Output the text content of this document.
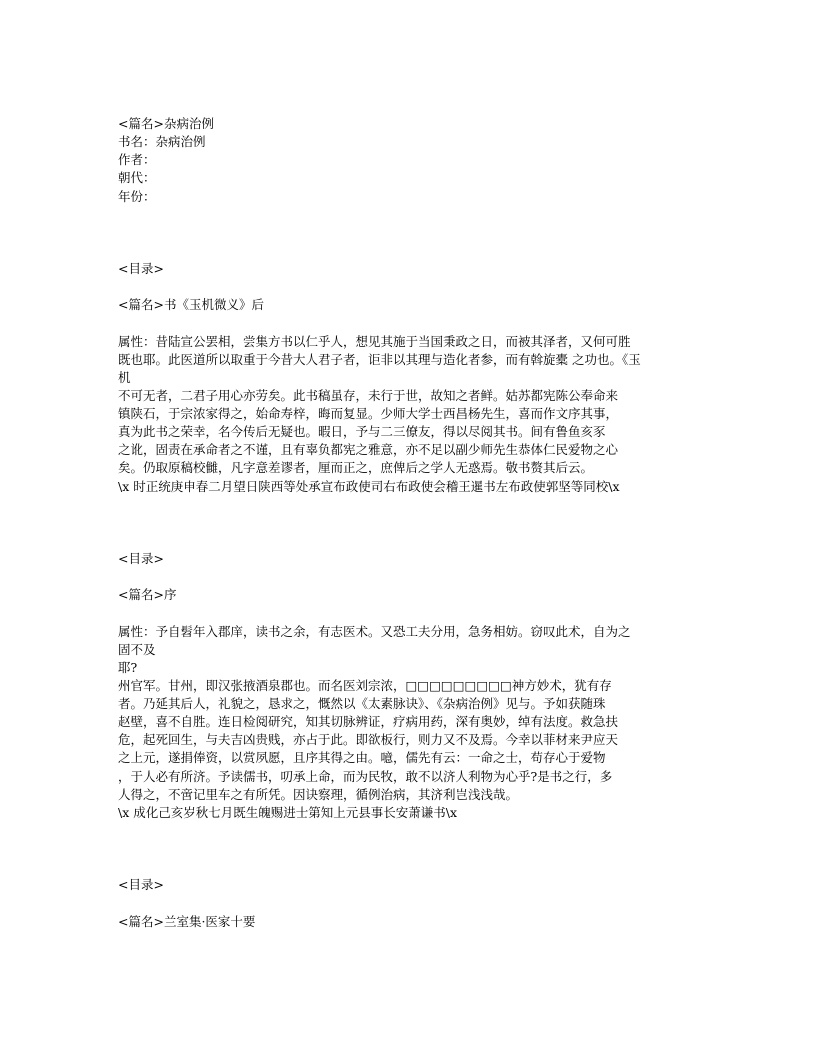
<篇名>杂病治例
书名：杂病治例
作者：
朝代：
年份：
<目录>
<篇名>书《玉机微义》后
属性：昔陆宣公罢相，尝集方书以仁乎人，想见其施于当国秉政之日，而被其泽者，又何可胜
既也耶。此医道所以取重于今昔大人君子者，讵非以其理与造化者参，而有斡旋橐 之功也。《玉
机
不可无者，二君子用心亦劳矣。此书稿虽存，未行于世，故知之者鲜。姑苏都宪陈公奉命来
镇陕石，于宗浓家得之，始命寿梓，晦而复显。少师大学士西昌杨先生，喜而作文序其事，
真为此书之荣幸，名今传后无疑也。暇日，予与二三僚友，得以尽阅其书。间有鲁鱼亥豕
之讹，固责在承命者之不谨，且有辜负都宪之雅意，亦不足以副少师先生恭体仁民爱物之心
矣。仍取原稿校雠，凡字意差谬者，厘而正之，庶俾后之学人无惑焉。敬书赘其后云。
\x 时正统庚申春二月望日陕西等处承宣布政使司右布政使会稽王暹书左布政使郭坚等同校\x
<目录>
<篇名>序
属性：予自髫年入郡庠，读书之余，有志医术。又恐工夫分用，急务相妨。窃叹此术，自为之
固不及
耶?
州官军。甘州，即汉张掖酒泉郡也。而名医刘宗浓，□□□□□□□□□神方妙术，犹有存
者。乃延其后人，礼貌之，恳求之，慨然以《太素脉诀》、《杂病治例》见与。予如获随珠
赵壁，喜不自胜。连日检阅研究，知其切脉辨证，疗病用药，深有奥妙，绰有法度。救急扶
危，起死回生，与夫吉凶贵贱，亦占于此。即欲板行，则力又不及焉。今幸以菲材来尹应天
之上元，遂捐俸资，以赏夙愿，且序其得之由。噫，儒先有云：一命之士，苟存心于爱物
，于人必有所济。予读儒书，叨承上命，而为民牧，敢不以济人利物为心乎?是书之行，多
人得之，不啻记里车之有所凭。因诀察理，循例治病，其济利岂浅浅哉。
\x 成化己亥岁秋七月既生魄赐进士第知上元县事长安萧谦书\x
<目录>
<篇名>兰室集·医家十要
